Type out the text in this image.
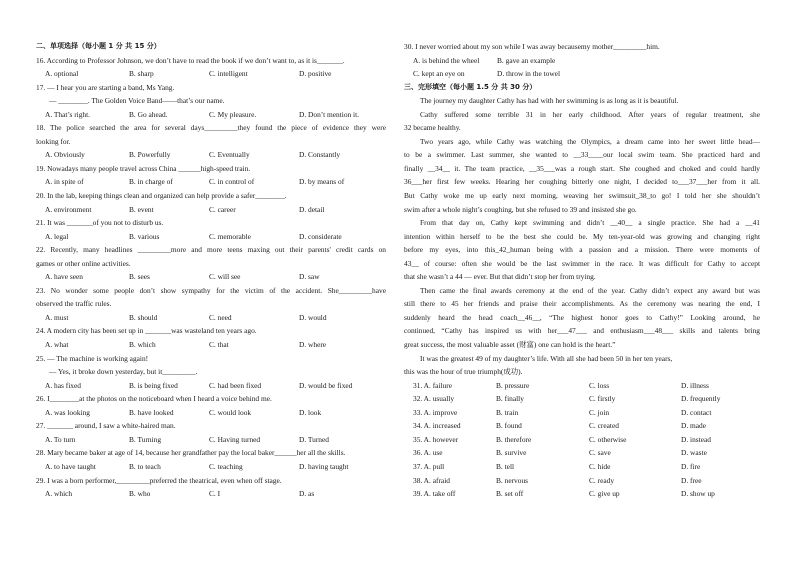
二、单项选择（每小题 1 分 共 15 分）
16. According to Professor Johnson, we don’t have to read the book if we don’t want to, as it is_______.
A. optional	B. sharp	C. intelligent	D. positive
17. — I hear you are starting a band, Ms Yang.
— ________. The Golden Voice Band——that’s our name.
A. That’s right.	B. Go ahead.	C. My pleasure.	D. Don’t mention it.
18. The police searched the area for several days_________they found the piece of evidence they were
looking for.
A. Obviously	B. Powerfully	C. Eventually	D. Constantly
19. Nowadays many people travel across China ______high-speed train.
A. in spite of	B. in charge of	C. in control of	D. by means of
20. In the lab, keeping things clean and organized can help provide a safer________.
A. environment	B. event	C. career	D. detail
21. It was _______of you not to disturb us.
A. legal	B. various	C. memorable	D. considerate
22. Recently, many headlines _________more and more teens maxing out their parents' credit cards on
games or other online activities.
A. have seen	B. sees	C. will see	D. saw
23. No wonder some people don’t show sympathy for the victim of the accident. She_________have
observed the traffic rules.
A. must	B. should	C. need	D. would
24. A modern city has been set up in _______was wasteland ten years ago.
A. what	B. which	C. that	D. where
25. — The machine is working again!
— Yes, it broke down yesterday, but it_________.
A. has fixed	B. is being fixed	C. had been fixed	D. would be fixed
26. I________at the photos on the noticeboard when I heard a voice behind me.
A. was looking	B. have looked	C. would look	D. look
27. _______ around, I saw a white-haired man.
A. To turn	B. Turning	C. Having turned	D. Turned
28. Mary became baker at age of 14, because her grandfather pay the local baker______her all the skills.
A. to have taught	B. to teach	C. teaching	D. having taught
29. I was a born performer,_________preferred the theatrical, even when off stage.
A. which	B. who	C. I	D. as
30. I never worried about my son while I was away becausemy mother_________him.
A. is behind the wheel	B. gave an example
C. kept an eye on	D. throw in the towel
三、完形填空（每小题 1.5 分 共 30 分）
The journey my daughter Cathy has had with her swimming is as long as it is beautiful.
Cathy suffered some terrible 31 in her early childhood. After years of regular treatment, she
32 became healthy.
Two years ago, while Cathy was watching the Olympics, a dream came into her sweet little head—
to be a swimmer. Last summer, she wanted to __33____our local swim team. She practiced hard and
finally __34__ it. The team practice, __35___was a rough start. She coughed and choked and could hardly
36___her first few weeks. Hearing her coughing bitterly one night, I decided to___37___her from it all.
But Cathy woke me up early next morning, weaving her swimsuit_38_to go! I told her she shouldn’t
swim after a whole night’s coughing, but she refused to 39 and insisted she go.
From that day on, Cathy kept swimming and didn’t __40__ a single practice. She had a __41
intention within herself to be the best she could be. My ten-year-old was growing and changing right
before my eyes, into this_42_human being with a passion and a mission. There were moments of
43__ of course: often she would be the last swimmer in the race. It was difficult for Cathy to accept
that she wasn’t a 44 — ever. But that didn’t stop her from trying.
Then came the final awards ceremony at the end of the year. Cathy didn’t expect any award but was
still there to 45 her friends and praise their accomplishments. As the ceremony was nearing the end, I
suddenly heard the head coach__46__, “The highest honor goes to Cathy!” Looking around, he
continued, “Cathy has inspired us with her___47___ and enthusiasm___48___ skills and talents bring
great success, the most valuable asset (财富) one can hold is the heart.”
It was the greatest 49 of my daughter’s life. With all she had been 50 in her ten years,
this was the hour of true triumph(成功).
31. A. failure	B. pressure	C. loss	D. illness
32. A. usually	B. finally	C. firstly	D. frequently
33. A. improve	B. train	C. join	D. contact
34. A. increased	B. found	C. created	D. made
35. A. however	B. therefore	C. otherwise	D. instead
36. A. use	B. survive	C. save	D. waste
37. A. pull	B. tell	C. hide	D. fire
38. A. afraid	B. nervous	C. ready	D. free
39. A. take off	B. set off	C. give up	D. show up
